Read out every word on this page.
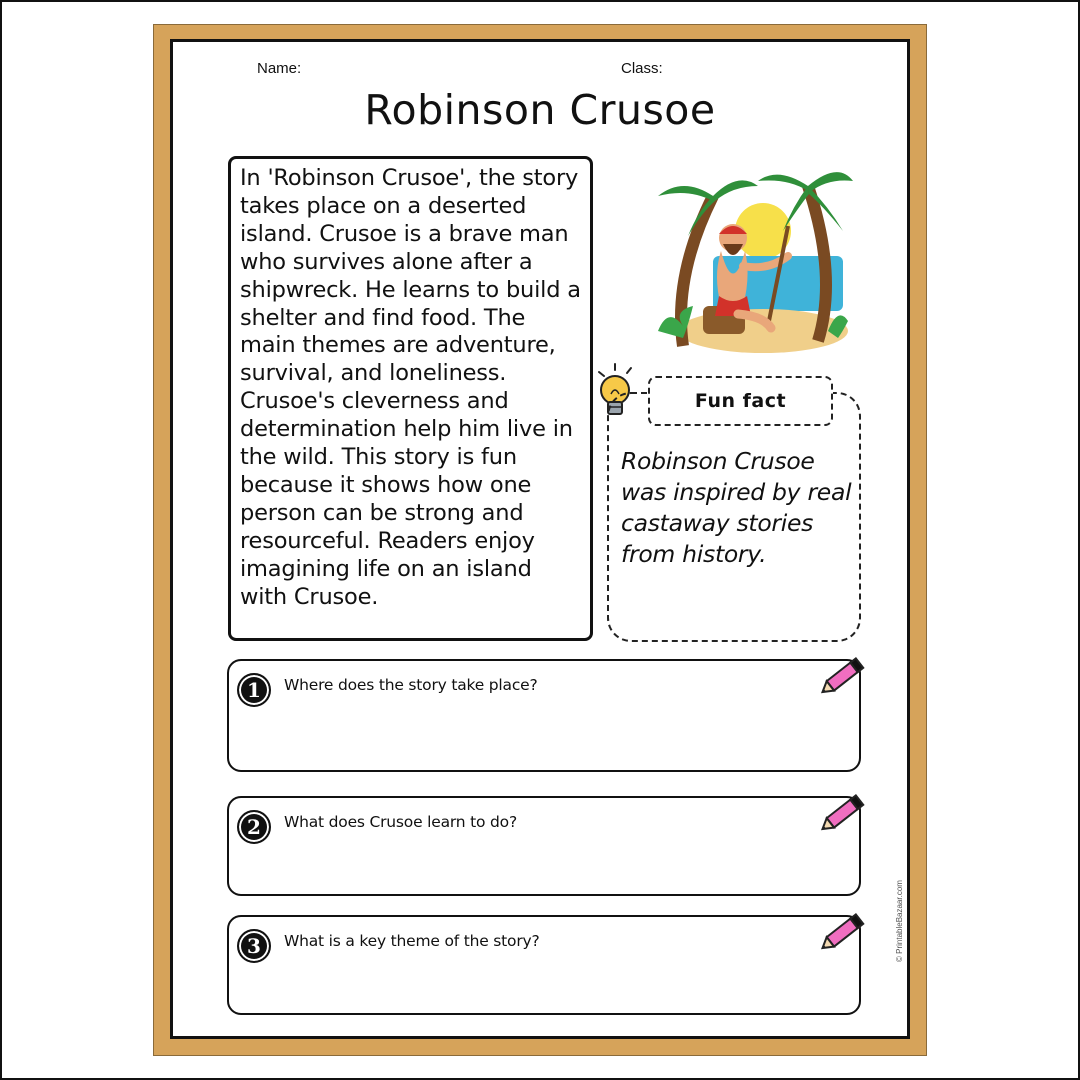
Name:	Class:
Robinson Crusoe

In 'Robinson Crusoe', the story takes place on a deserted island. Crusoe is a brave man who survives alone after a shipwreck. He learns to build a shelter and find food. The main themes are adventure, survival, and loneliness. Crusoe's cleverness and determination help him live in the wild. This story is fun because it shows how one person can be strong and resourceful. Readers enjoy imagining life on an island with Crusoe.

Robinson Crusoe was inspired by real castaway stories from history.

Fun fact
1	Where does the story take place?
2	What does Crusoe learn to do?
3	What is a key theme of the story?	© PrintableBazaar.com
